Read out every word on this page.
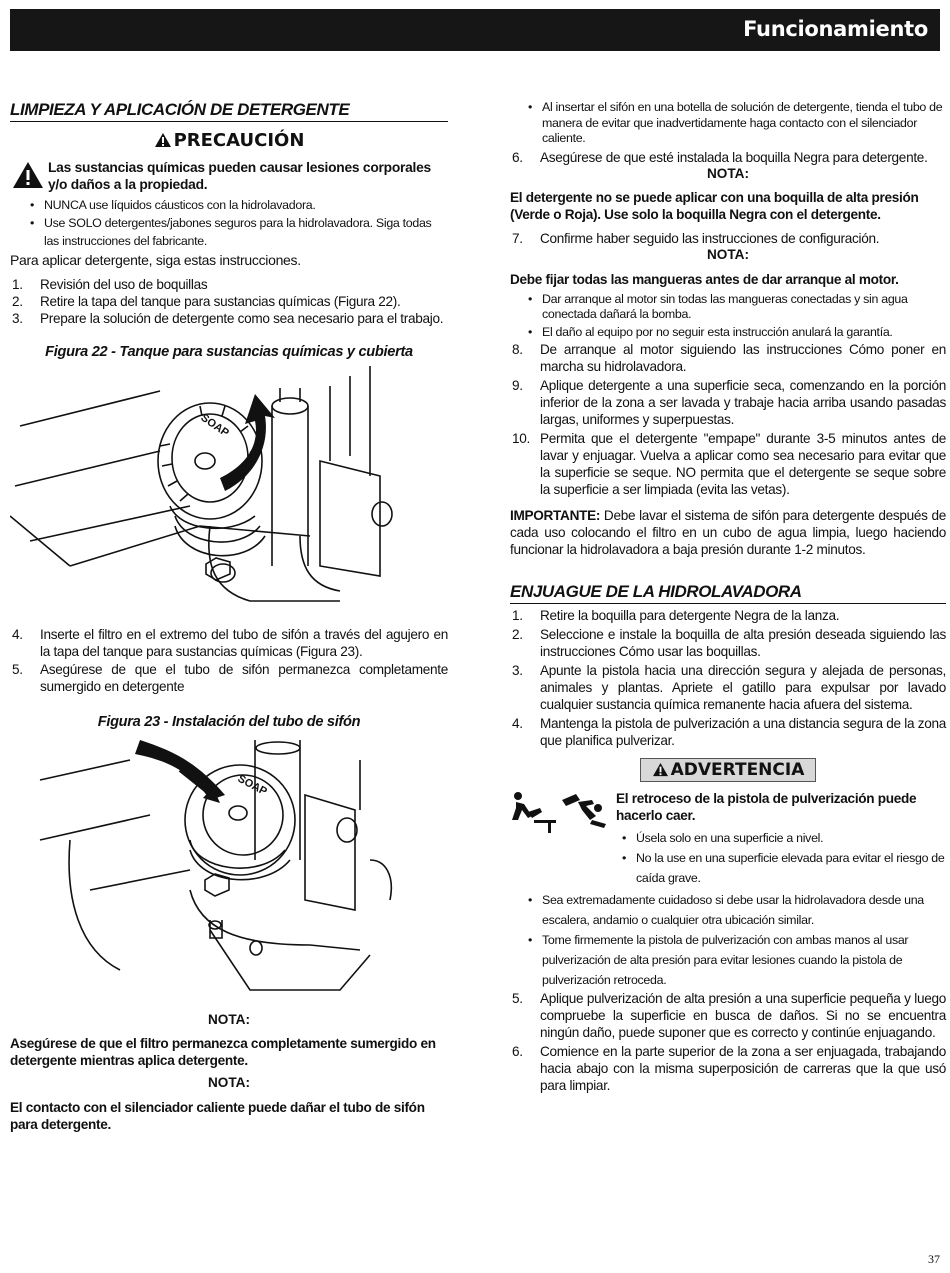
Funcionamiento
LIMPIEZA Y APLICACIÓN DE DETERGENTE
PRECAUCIÓN
Las sustancias químicas pueden causar lesiones corporales y/o daños a la propiedad.
• NUNCA use líquidos cáusticos con la hidrolavadora.
• Use SOLO detergentes/jabones seguros para la hidrolavadora. Siga todas las instrucciones del fabricante.
Para aplicar detergente, siga estas instrucciones.
1. Revisión del uso de boquillas
2. Retire la tapa del tanque para sustancias químicas (Figura 22).
3. Prepare la solución de detergente como sea necesario para el trabajo.
Figura 22 - Tanque para sustancias químicas y cubierta
SOAP
4. Inserte el filtro en el extremo del tubo de sifón a través del agujero en la tapa del tanque para sustancias químicas (Figura 23).
5. Asegúrese de que el tubo de sifón permanezca completamente sumergido en detergente
Figura 23 - Instalación del tubo de sifón
SOAP
NOTA:
Asegúrese de que el filtro permanezca completamente sumergido en detergente mientras aplica detergente.
NOTA:
El contacto con el silenciador caliente puede dañar el tubo de sifón para detergente.
• Al insertar el sifón en una botella de solución de detergente, tienda el tubo de manera de evitar que inadvertidamente haga contacto con el silenciador caliente.
6. Asegúrese de que esté instalada la boquilla Negra para detergente.
NOTA:
El detergente no se puede aplicar con una boquilla de alta presión (Verde o Roja). Use solo la boquilla Negra con el detergente.
7. Confirme haber seguido las instrucciones de configuración.
NOTA:
Debe fijar todas las mangueras antes de dar arranque al motor.
• Dar arranque al motor sin todas las mangueras conectadas y sin agua conectada dañará la bomba.
• El daño al equipo por no seguir esta instrucción anulará la garantía.
8. De arranque al motor siguiendo las instrucciones Cómo poner en marcha su hidrolavadora.
9. Aplique detergente a una superficie seca, comenzando en la porción inferior de la zona a ser lavada y trabaje hacia arriba usando pasadas largas, uniformes y superpuestas.
10. Permita que el detergente "empape" durante 3-5 minutos antes de lavar y enjuagar. Vuelva a aplicar como sea necesario para evitar que la superficie se seque. NO permita que el detergente se seque sobre la superficie a ser limpiada (evita las vetas).
IMPORTANTE: Debe lavar el sistema de sifón para detergente después de cada uso colocando el filtro en un cubo de agua limpia, luego haciendo funcionar la hidrolavadora a baja presión durante 1-2 minutos.
ENJUAGUE DE LA HIDROLAVADORA
1. Retire la boquilla para detergente Negra de la lanza.
2. Seleccione e instale la boquilla de alta presión deseada siguiendo las instrucciones Cómo usar las boquillas.
3. Apunte la pistola hacia una dirección segura y alejada de personas, animales y plantas. Apriete el gatillo para expulsar por lavado cualquier sustancia química remanente hacia afuera del sistema.
4. Mantenga la pistola de pulverización a una distancia segura de la zona que planifica pulverizar.
ADVERTENCIA
El retroceso de la pistola de pulverización puede hacerlo caer.
• Úsela solo en una superficie a nivel.
• No la use en una superficie elevada para evitar el riesgo de caída grave.
• Sea extremadamente cuidadoso si debe usar la hidrolavadora desde una escalera, andamio o cualquier otra ubicación similar.
• Tome firmemente la pistola de pulverización con ambas manos al usar pulverización de alta presión para evitar lesiones cuando la pistola de pulverización retroceda.
5. Aplique pulverización de alta presión a una superficie pequeña y luego compruebe la superficie en busca de daños. Si no se encuentra ningún daño, puede suponer que es correcto y continúe enjuagando.
6. Comience en la parte superior de la zona a ser enjuagada, trabajando hacia abajo con la misma superposición de carreras que la que usó para limpiar.
37
